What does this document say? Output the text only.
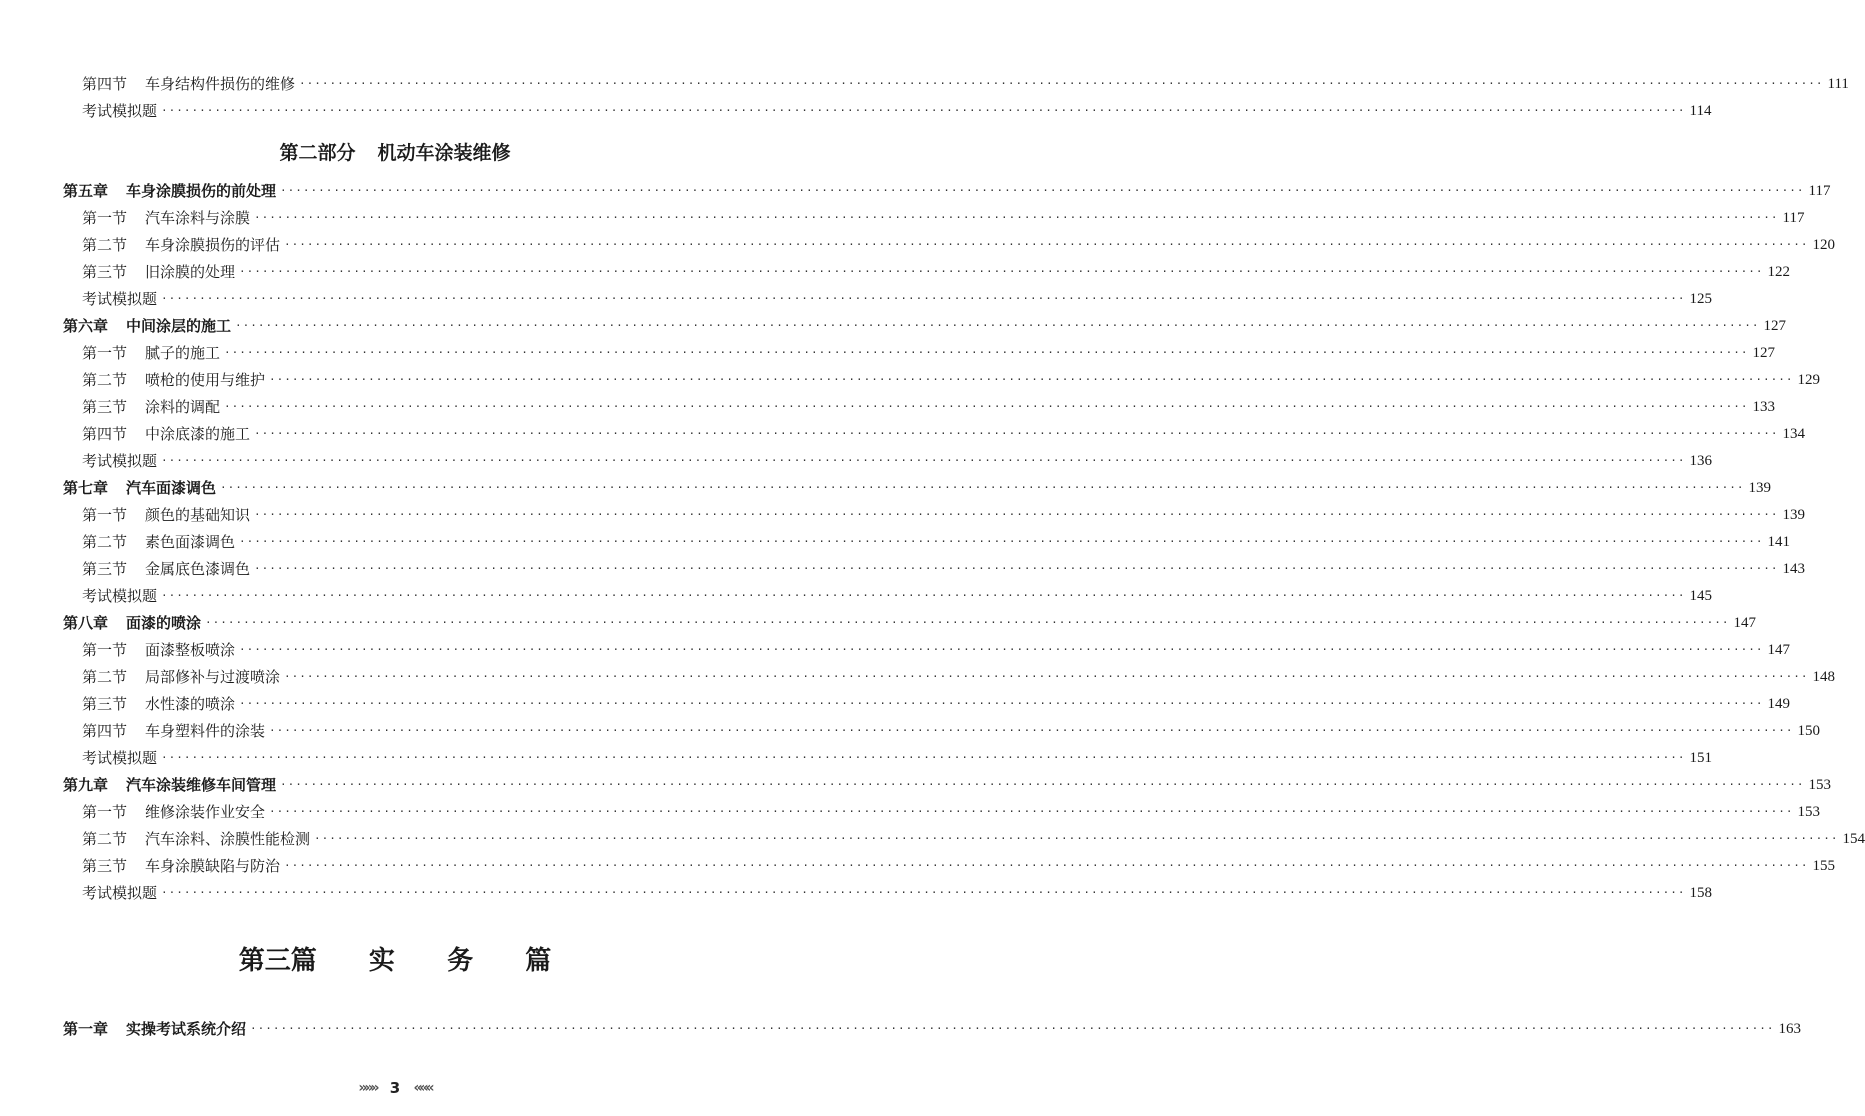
第四节 车身结构件损伤的维修 ········································································································································································································ 111
考试模拟题 ········································································································································································································ 114
第二部分 机动车涂装维修
第五章 车身涂膜损伤的前处理 ········································································································································································································ 117
第一节 汽车涂料与涂膜 ········································································································································································································ 117
第二节 车身涂膜损伤的评估 ········································································································································································································ 120
第三节 旧涂膜的处理 ········································································································································································································ 122
考试模拟题 ········································································································································································································ 125
第六章 中间涂层的施工 ········································································································································································································ 127
第一节 腻子的施工 ········································································································································································································ 127
第二节 喷枪的使用与维护 ········································································································································································································ 129
第三节 涂料的调配 ········································································································································································································ 133
第四节 中涂底漆的施工 ········································································································································································································ 134
考试模拟题 ········································································································································································································ 136
第七章 汽车面漆调色 ········································································································································································································ 139
第一节 颜色的基础知识 ········································································································································································································ 139
第二节 素色面漆调色 ········································································································································································································ 141
第三节 金属底色漆调色 ········································································································································································································ 143
考试模拟题 ········································································································································································································ 145
第八章 面漆的喷涂 ········································································································································································································ 147
第一节 面漆整板喷涂 ········································································································································································································ 147
第二节 局部修补与过渡喷涂 ········································································································································································································ 148
第三节 水性漆的喷涂 ········································································································································································································ 149
第四节 车身塑料件的涂装 ········································································································································································································ 150
考试模拟题 ········································································································································································································ 151
第九章 汽车涂装维修车间管理 ········································································································································································································ 153
第一节 维修涂装作业安全 ········································································································································································································ 153
第二节 汽车涂料、涂膜性能检测 ········································································································································································································ 154
第三节 车身涂膜缺陷与防治 ········································································································································································································ 155
考试模拟题 ········································································································································································································ 158
第三篇 实 务 篇
第一章 实操考试系统介绍 ········································································································································································································ 163
»»» 3 «««
